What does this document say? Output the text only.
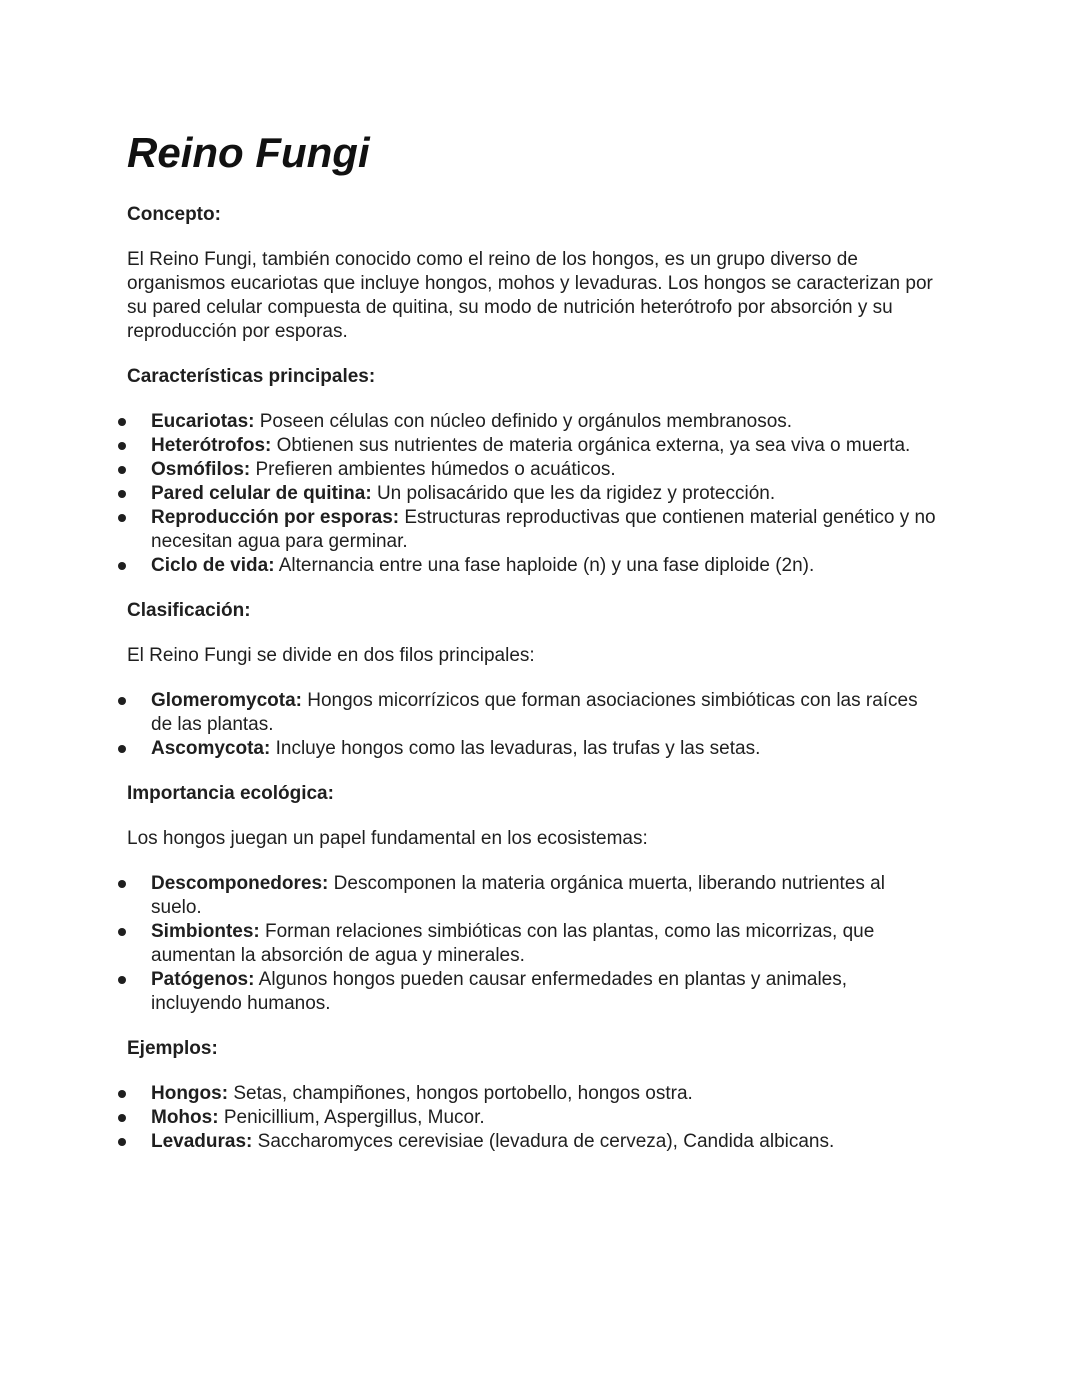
Reino Fungi

Concepto:

El Reino Fungi, también conocido como el reino de los hongos, es un grupo diverso de organismos eucariotas que incluye hongos, mohos y levaduras. Los hongos se caracterizan por su pared celular compuesta de quitina, su modo de nutrición heterótrofo por absorción y su reproducción por esporas.

Características principales:

Eucariotas: Poseen células con núcleo definido y orgánulos membranosos.
Heterótrofos: Obtienen sus nutrientes de materia orgánica externa, ya sea viva o muerta.
Osmófilos: Prefieren ambientes húmedos o acuáticos.
Pared celular de quitina: Un polisacárido que les da rigidez y protección.
Reproducción por esporas: Estructuras reproductivas que contienen material genético y no necesitan agua para germinar.
Ciclo de vida: Alternancia entre una fase haploide (n) y una fase diploide (2n).

Clasificación:

El Reino Fungi se divide en dos filos principales:

Glomeromycota: Hongos micorrízicos que forman asociaciones simbióticas con las raíces de las plantas.
Ascomycota: Incluye hongos como las levaduras, las trufas y las setas.

Importancia ecológica:

Los hongos juegan un papel fundamental en los ecosistemas:

Descomponedores: Descomponen la materia orgánica muerta, liberando nutrientes al suelo.
Simbiontes: Forman relaciones simbióticas con las plantas, como las micorrizas, que aumentan la absorción de agua y minerales.
Patógenos: Algunos hongos pueden causar enfermedades en plantas y animales, incluyendo humanos.

Ejemplos:

Hongos: Setas, champiñones, hongos portobello, hongos ostra.
Mohos: Penicillium, Aspergillus, Mucor.
Levaduras: Saccharomyces cerevisiae (levadura de cerveza), Candida albicans.
